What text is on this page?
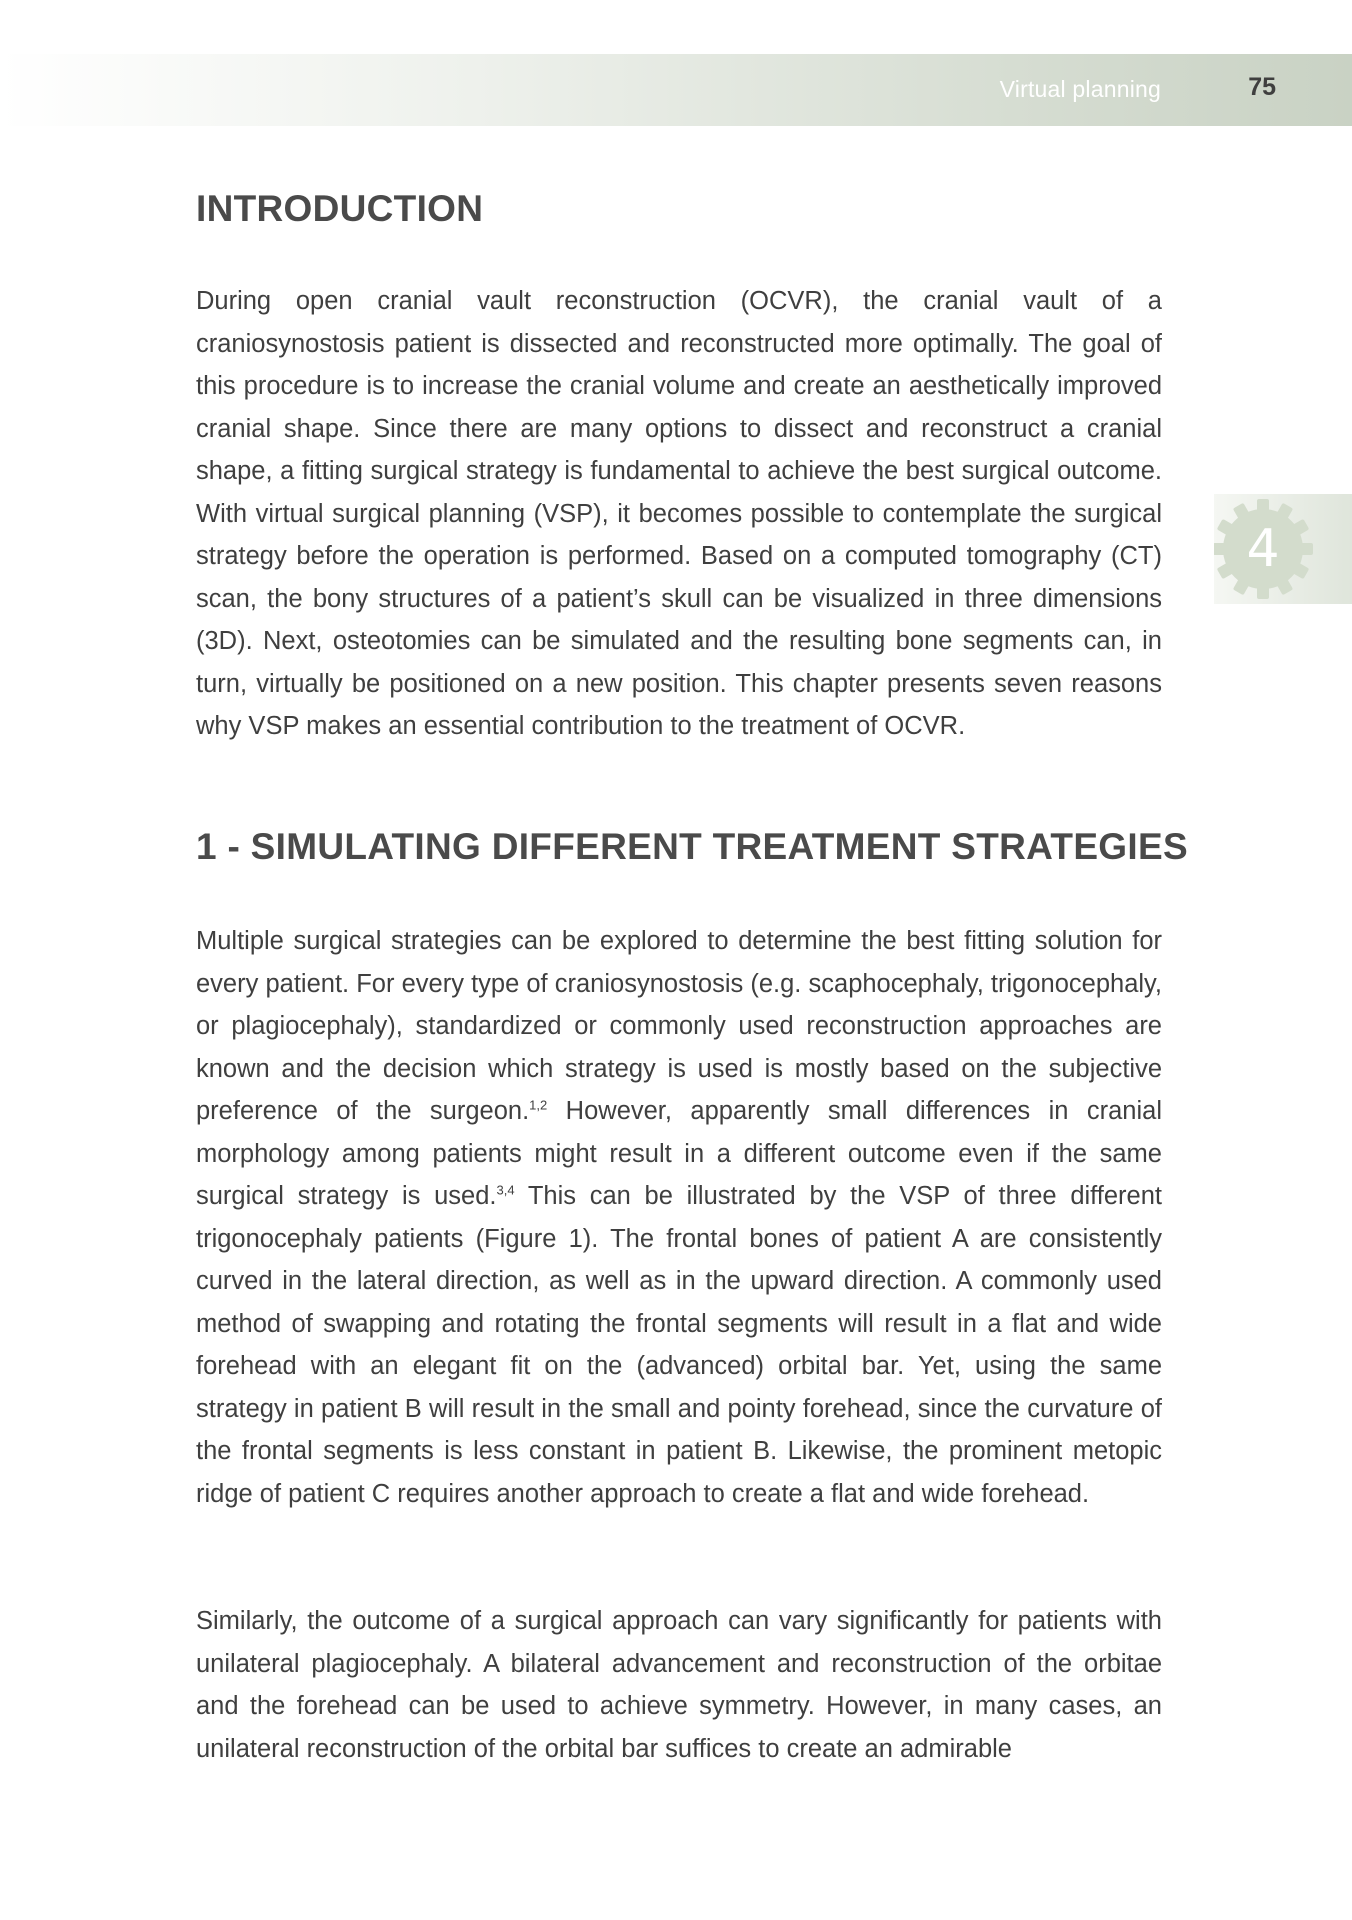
Virtual planning	75
4
INTRODUCTION

During open cranial vault reconstruction (OCVR), the cranial vault of a craniosynostosis patient is dissected and reconstructed more optimally. The goal of this procedure is to increase the cranial volume and create an aesthetically improved cranial shape. Since there are many options to dissect and reconstruct a cranial shape, a fitting surgical strategy is fundamental to achieve the best surgical outcome. With virtual surgical planning (VSP), it becomes possible to contemplate the surgical strategy before the operation is performed. Based on a computed tomography (CT) scan, the bony structures of a patient’s skull can be visualized in three dimensions (3D). Next, osteotomies can be simulated and the resulting bone segments can, in turn, virtually be positioned on a new position. This chapter presents seven reasons why VSP makes an essential contribution to the treatment of OCVR.

1 - SIMULATING DIFFERENT TREATMENT STRATEGIES

Multiple surgical strategies can be explored to determine the best fitting solution for every patient. For every type of craniosynostosis (e.g. scaphocephaly, trigonocephaly, or plagiocephaly), standardized or commonly used reconstruction approaches are known and the decision which strategy is used is mostly based on the subjective preference of the surgeon.$^{1,2}$ However, apparently small differences in cranial morphology among patients might result in a different outcome even if the same surgical strategy is used.$^{3,4}$ This can be illustrated by the VSP of three different trigonocephaly patients (Figure 1). The frontal bones of patient A are consistently curved in the lateral direction, as well as in the upward direction. A commonly used method of swapping and rotating the frontal segments will result in a flat and wide forehead with an elegant fit on the (advanced) orbital bar. Yet, using the same strategy in patient B will result in the small and pointy forehead, since the curvature of the frontal segments is less constant in patient B. Likewise, the prominent metopic ridge of patient C requires another approach to create a flat and wide forehead.

Similarly, the outcome of a surgical approach can vary significantly for patients with unilateral plagiocephaly. A bilateral advancement and reconstruction of the orbitae and the forehead can be used to achieve symmetry. However, in many cases, an unilateral reconstruction of the orbital bar suffices to create an admirable
